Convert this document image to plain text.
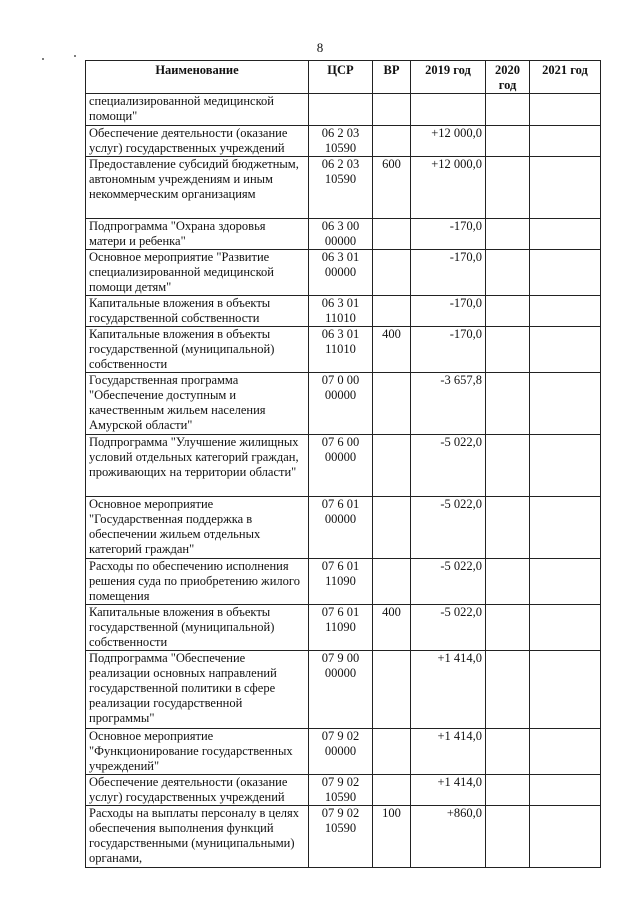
8
Наименование	ЦСР	ВР	2019 год	2020 год	2021 год
специализированной медицинской помощи"					
Обеспечение деятельности (оказание услуг) государственных учреждений	06 2 03 10590		+12 000,0		
Предоставление субсидий бюджетным, автономным учреждениям и иным некоммерческим организациям	06 2 03 10590	600	+12 000,0		
Подпрограмма "Охрана здоровья матери и ребенка"	06 3 00 00000		-170,0		
Основное мероприятие "Развитие специализированной медицинской помощи детям"	06 3 01 00000		-170,0		
Капитальные вложения в объекты государственной собственности	06 3 01 11010		-170,0		
Капитальные вложения в объекты государственной (муниципальной) собственности	06 3 01 11010	400	-170,0		
Государственная программа "Обеспечение доступным и качественным жильем населения Амурской области"	07 0 00 00000		-3 657,8		
Подпрограмма "Улучшение жилищных условий отдельных категорий граждан, проживающих на территории области"	07 6 00 00000		-5 022,0		
Основное мероприятие "Государственная поддержка в обеспечении жильем отдельных категорий граждан"	07 6 01 00000		-5 022,0		
Расходы по обеспечению исполнения решения суда по приобретению жилого помещения	07 6 01 11090		-5 022,0		
Капитальные вложения в объекты государственной (муниципальной) собственности	07 6 01 11090	400	-5 022,0		
Подпрограмма "Обеспечение реализации основных направлений государственной политики в сфере реализации государственной программы"	07 9 00 00000		+1 414,0		
Основное мероприятие "Функционирование государственных учреждений"	07 9 02 00000		+1 414,0		
Обеспечение деятельности (оказание услуг) государственных учреждений	07 9 02 10590		+1 414,0		
Расходы на выплаты персоналу в целях обеспечения выполнения функций государственными (муниципальными) органами,	07 9 02 10590	100	+860,0		
